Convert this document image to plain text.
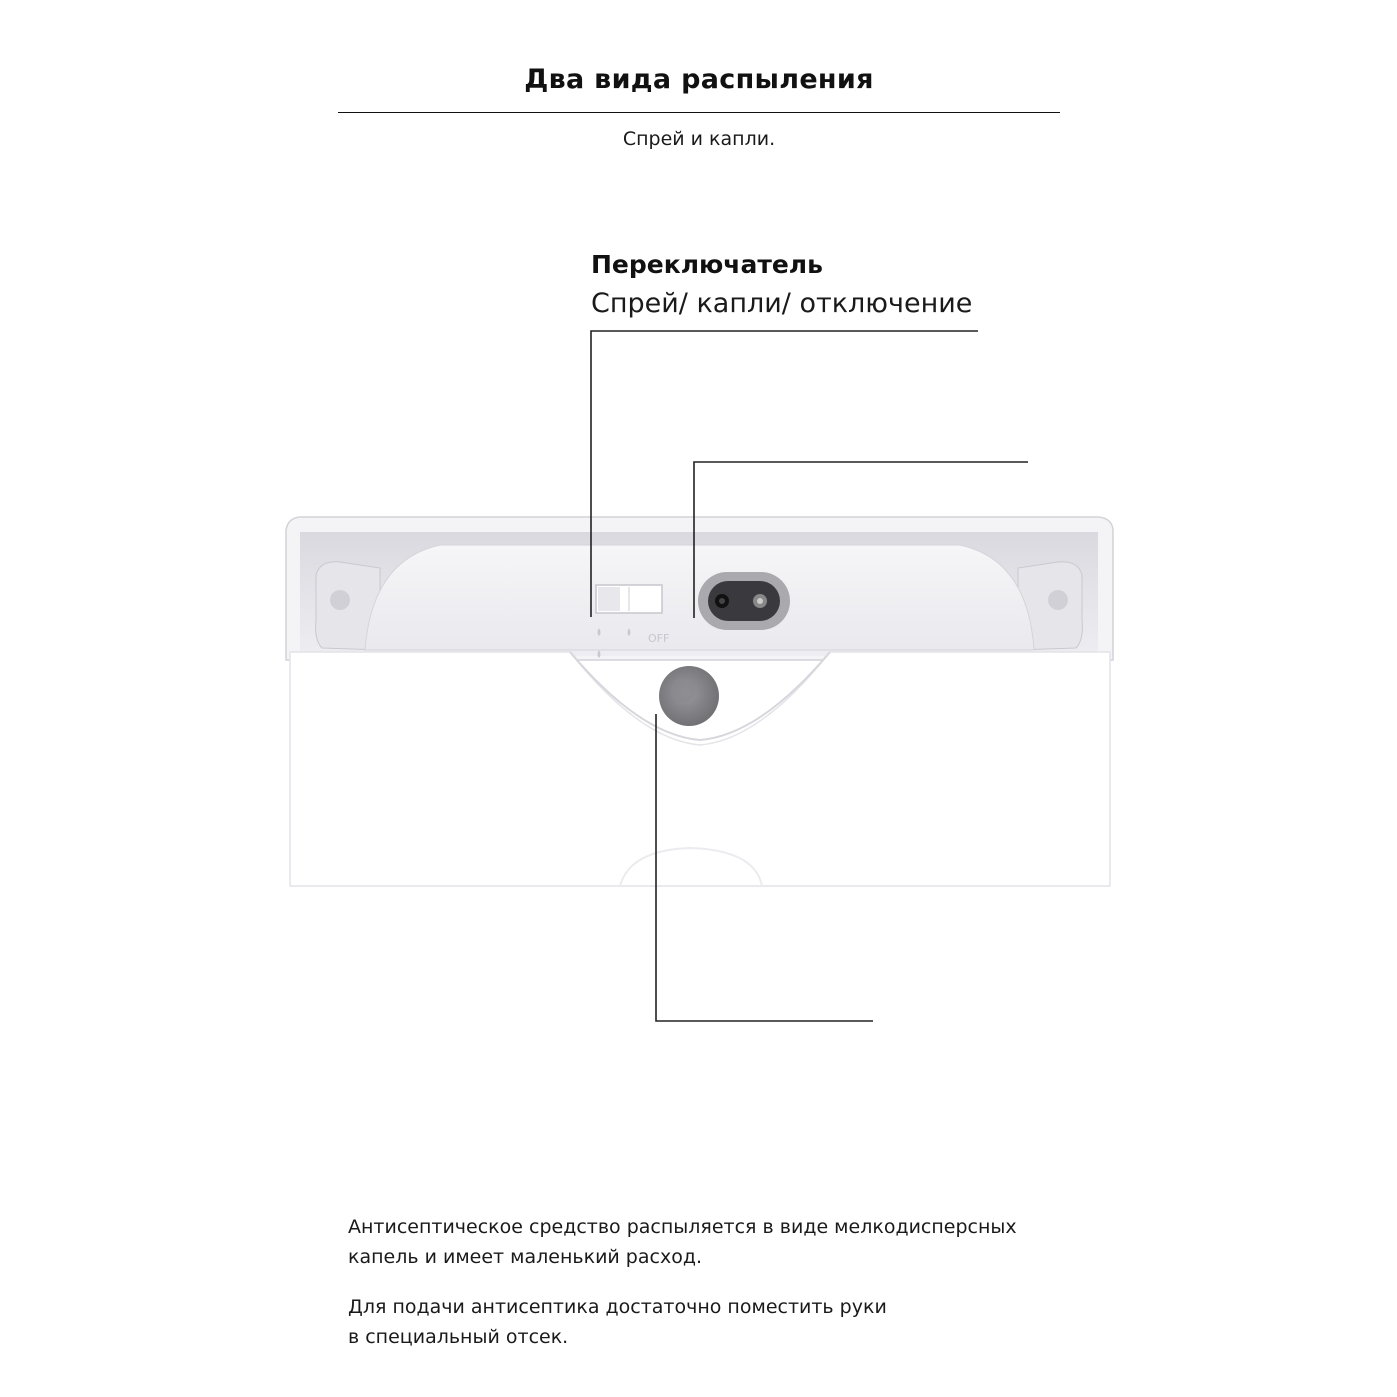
Два вида распыления
Спрей и капли.
Переключатель
Спрей/ капли/ отключение
OFF
Антисептическое средство распыляется в виде мелкодисперсных
капель и имеет маленький расход.
Для подачи антисептика достаточно поместить руки
в специальный отсек.
